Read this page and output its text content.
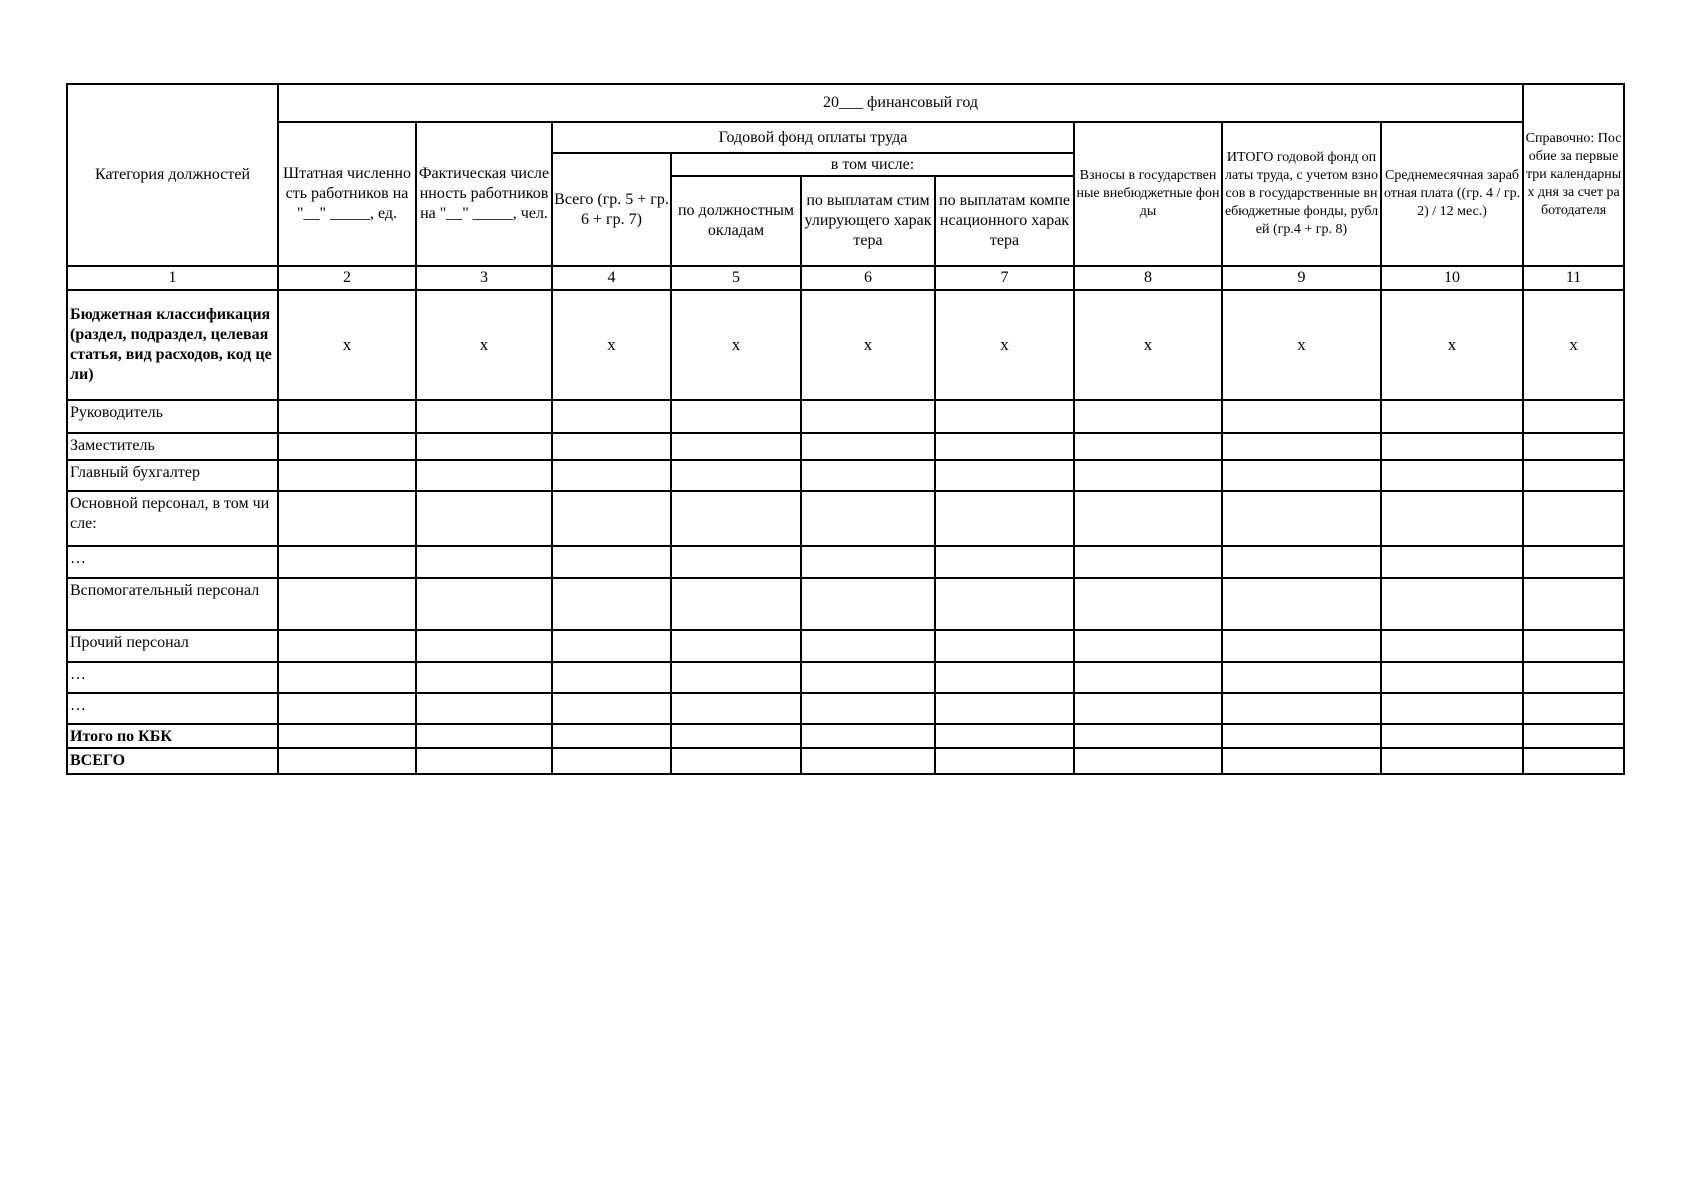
Категория должностей	20___ финансовый год									Справочно: Пособие за первые три календарных дня за счет работодателя
	Штатная численность работников на "__" _____, ед.	Фактическая численность работников на "__" _____, чел.	Годовой фонд оплаты труда				Взносы в государственные внебюджетные фонды	ИТОГО годовой фонд оплаты труда, с учетом взносов в государственные внебюджетные фонды, рублей (гр.4 + гр. 8)	Среднемесячная заработная плата ((гр. 4 / гр. 2) / 12 мес.)	
			Всего (гр. 5 + гр. 6 + гр. 7)	в том числе:						
				по должностным окладам	по выплатам стимулирующего характера	по выплатам компенсационного характера				
1	2	3	4	5	6	7	8	9	10	11
Бюджетная классификация (раздел, подраздел, целевая статья, вид расходов, код цели)	x	x	x	x	x	x	x	x	x	x
Руководитель										
Заместитель										
Главный бухгалтер										
Основной персонал, в том числе:										
…										
Вспомогательный персонал										
Прочий персонал										
…										
…										
Итого по КБК										
ВСЕГО										
